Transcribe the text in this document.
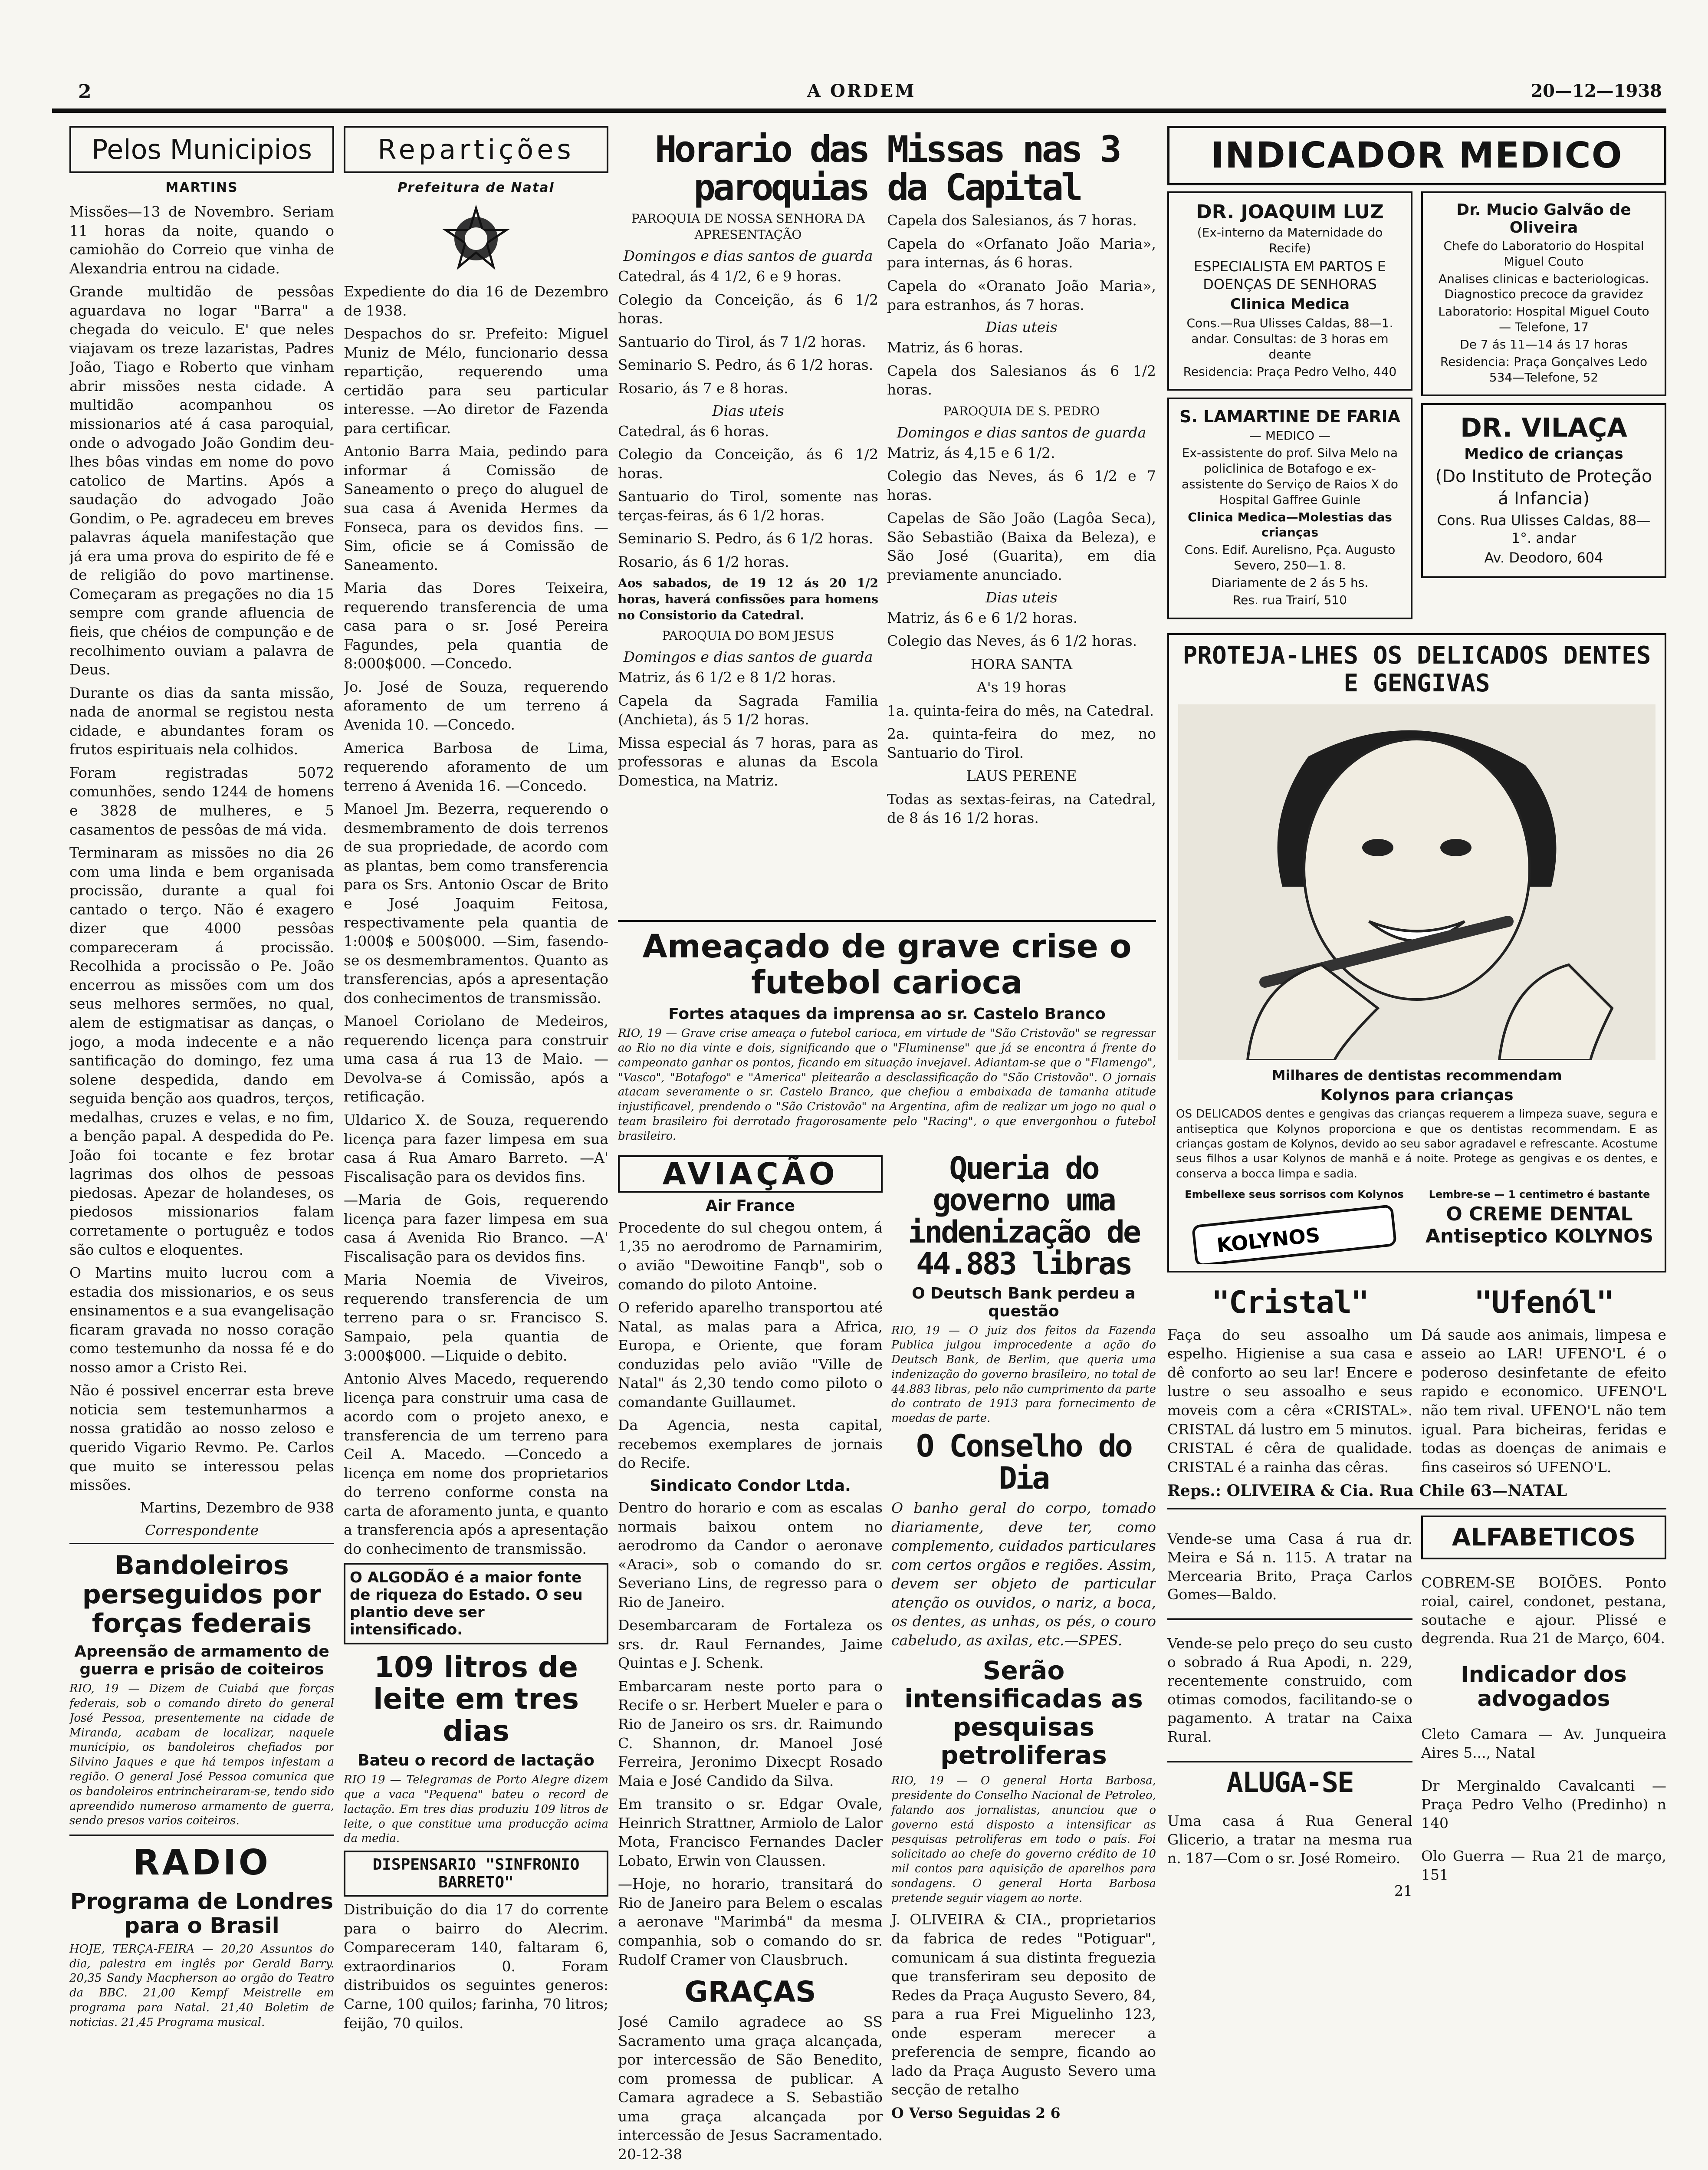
2	A ORDEM	20—12—1938
Pelos Municipios
MARTINS

Missões—13 de Novembro. Seriam 11 horas da noite, quando o camiohão do Correio que vinha de Alexandria entrou na cidade.

Grande multidão de pessôas aguardava no logar "Barra" a chegada do veiculo. E' que neles viajavam os treze lazaristas, Padres João, Tiago e Roberto que vinham abrir missões nesta cidade. A multidão acompanhou os missionarios até á casa paroquial, onde o advogado João Gondim deu-lhes bôas vindas em nome do povo catolico de Martins. Após a saudação do advogado João Gondim, o Pe. agradeceu em breves palavras áquela manifestação que já era uma prova do espirito de fé e de religião do povo martinense. Começaram as pregações no dia 15 sempre com grande afluencia de fieis, que chéios de compunção e de recolhimento ouviam a palavra de Deus.

Durante os dias da santa missão, nada de anormal se registou nesta cidade, e abundantes foram os frutos espirituais nela colhidos.

Foram registradas 5072 comunhões, sendo 1244 de homens e 3828 de mulheres, e 5 casamentos de pessôas de má vida.

Terminaram as missões no dia 26 com uma linda e bem organisada procissão, durante a qual foi cantado o terço. Não é exagero dizer que 4000 pessôas compareceram á procissão. Recolhida a procissão o Pe. João encerrou as missões com um dos seus melhores sermões, no qual, alem de estigmatisar as danças, o jogo, a moda indecente e a não santificação do domingo, fez uma solene despedida, dando em seguida benção aos quadros, terços, medalhas, cruzes e velas, e no fim, a benção papal. A despedida do Pe. João foi tocante e fez brotar lagrimas dos olhos de pessoas piedosas. Apezar de holandeses, os piedosos missionarios falam corretamente o portuguêz e todos são cultos e eloquentes.

O Martins muito lucrou com a estadia dos missionarios, e os seus ensinamentos e a sua evangelisação ficaram gravada no nosso coração como testemunho da nossa fé e do nosso amor a Cristo Rei.

Não é possivel encerrar esta breve noticia sem testemunharmos a nossa gratidão ao nosso zeloso e querido Vigario Revmo. Pe. Carlos que muito se interessou pelas missões.

Martins, Dezembro de 938
Correspondente
Bandoleiros perseguidos por forças federais
Apreensão de armamento de guerra e prisão de coiteiros

RIO, 19 — Dizem de Cuiabá que forças federais, sob o comando direto do general José Pessoa, presentemente na cidade de Miranda, acabam de localizar, naquele municipio, os bandoleiros chefiados por Silvino Jaques e que há tempos infestam a região. O general José Pessoa comunica que os bandoleiros entrincheiraram-se, tendo sido apreendido numeroso armamento de guerra, sendo presos varios coiteiros.

RADIO
Programa de Londres para o Brasil

HOJE, TERÇA-FEIRA — 20,20 Assuntos do dia, palestra em inglês por Gerald Barry. 20,35 Sandy Macpherson ao orgão do Teatro da BBC. 21,00 Kempf Meistrelle em programa para Natal. 21,40 Boletim de noticias. 21,45 Programa musical.

Repartições
Prefeitura de Natal

Expediente do dia 16 de Dezembro de 1938.

Despachos do sr. Prefeito: Miguel Muniz de Mélo, funcionario dessa repartição, requerendo uma certidão para seu particular interesse. —Ao diretor de Fazenda para certificar.

Antonio Barra Maia, pedindo para informar á Comissão de Saneamento o preço do aluguel de sua casa á Avenida Hermes da Fonseca, para os devidos fins. —Sim, oficie se á Comissão de Saneamento.

Maria das Dores Teixeira, requerendo transferencia de uma casa para o sr. José Pereira Fagundes, pela quantia de 8:000$000. —Concedo.

Jo. José de Souza, requerendo aforamento de um terreno á Avenida 10. —Concedo.

America Barbosa de Lima, requerendo aforamento de um terreno á Avenida 16. —Concedo.

Manoel Jm. Bezerra, requerendo o desmembramento de dois terrenos de sua propriedade, de acordo com as plantas, bem como transferencia para os Srs. Antonio Oscar de Brito e José Joaquim Feitosa, respectivamente pela quantia de 1:000$ e 500$000. —Sim, fasendo-se os desmembramentos. Quanto as transferencias, após a apresentação dos conhecimentos de transmissão.

Manoel Coriolano de Medeiros, requerendo licença para construir uma casa á rua 13 de Maio. —Devolva-se á Comissão, após a retificação.

Uldarico X. de Souza, requerendo licença para fazer limpesa em sua casa á Rua Amaro Barreto. —A' Fiscalisação para os devidos fins.

—Maria de Gois, requerendo licença para fazer limpesa em sua casa á Avenida Rio Branco. —A' Fiscalisação para os devidos fins.

Maria Noemia de Viveiros, requerendo transferencia de um terreno para o sr. Francisco S. Sampaio, pela quantia de 3:000$000. —Liquide o debito.

Antonio Alves Macedo, requerendo licença para construir uma casa de acordo com o projeto anexo, e transferencia de um terreno para Ceil A. Macedo. —Concedo a licença em nome dos proprietarios do terreno conforme consta na carta de aforamento junta, e quanto a transferencia após a apresentação do conhecimento de transmissão.

O ALGODÃO é a maior fonte de riqueza do Estado. O seu plantio deve ser intensificado.
109 litros de leite em tres dias
Bateu o record de lactação

RIO 19 — Telegramas de Porto Alegre dizem que a vaca "Pequena" bateu o record de lactação. Em tres dias produziu 109 litros de leite, o que constitue uma producção acima da media.

DISPENSARIO "SINFRONIO BARRETO"

Distribuição do dia 17 do corrente para o bairro do Alecrim. Compareceram 140, faltaram 6, extraordinarios 0. Foram distribuidos os seguintes generos: Carne, 100 quilos; farinha, 70 litros; feijão, 70 quilos.

Horario das Missas nas 3 paroquias da Capital

PAROQUIA DE NOSSA SENHORA DA APRESENTAÇÃO

Domingos e dias santos de guarda

Catedral, ás 4 1/2, 6 e 9 horas.

Colegio da Conceição, ás 6 1/2 horas.

Santuario do Tirol, ás 7 1/2 horas.

Seminario S. Pedro, ás 6 1/2 horas.

Rosario, ás 7 e 8 horas.

Dias uteis

Catedral, ás 6 horas.

Colegio da Conceição, ás 6 1/2 horas.

Santuario do Tirol, somente nas terças-feiras, ás 6 1/2 horas.

Seminario S. Pedro, ás 6 1/2 horas.

Rosario, ás 6 1/2 horas.

Aos sabados, de 19 12 ás 20 1/2 horas, haverá confissões para homens no Consistorio da Catedral.

PAROQUIA DO BOM JESUS

Domingos e dias santos de guarda

Matriz, ás 6 1/2 e 8 1/2 horas.

Capela da Sagrada Familia (Anchieta), ás 5 1/2 horas.

Missa especial ás 7 horas, para as professoras e alunas da Escola Domestica, na Matriz.

Capela dos Salesianos, ás 7 horas.

Capela do «Orfanato João Maria», para internas, ás 6 horas.

Capela do «Oranato João Maria», para estranhos, ás 7 horas.

Dias uteis

Matriz, ás 6 horas.

Capela dos Salesianos ás 6 1/2 horas.

PAROQUIA DE S. PEDRO

Domingos e dias santos de guarda

Matriz, ás 4,15 e 6 1/2.

Colegio das Neves, ás 6 1/2 e 7 horas.

Capelas de São João (Lagôa Seca), São Sebastião (Baixa da Beleza), e São José (Guarita), em dia previamente anunciado.

Dias uteis

Matriz, ás 6 e 6 1/2 horas.

Colegio das Neves, ás 6 1/2 horas.

HORA SANTA

A's 19 horas

1a. quinta-feira do mês, na Catedral.

2a. quinta-feira do mez, no Santuario do Tirol.

LAUS PERENE

Todas as sextas-feiras, na Catedral, de 8 ás 16 1/2 horas.

Ameaçado de grave crise o futebol carioca
Fortes ataques da imprensa ao sr. Castelo Branco

RIO, 19 — Grave crise ameaça o futebol carioca, em virtude de "São Cristovão" se regressar ao Rio no dia vinte e dois, significando que o "Fluminense" que já se encontra á frente do campeonato ganhar os pontos, ficando em situação invejavel. Adiantam-se que o "Flamengo", "Vasco", "Botafogo" e "America" pleitearão a desclassificação do "São Cristovão". O jornais atacam severamente o sr. Castelo Branco, que chefiou a embaixada de tamanha atitude injustificavel, prendendo o "São Cristovão" na Argentina, afim de realizar um jogo no qual o team brasileiro foi derrotado fragorosamente pelo "Racing", o que envergonhou o futebol brasileiro.

AVIAÇÃO
Air France

Procedente do sul chegou ontem, á 1,35 no aerodromo de Parnamirim, o avião "Dewoitine Fanqb", sob o comando do piloto Antoine.

O referido aparelho transportou até Natal, as malas para a Africa, Europa, e Oriente, que foram conduzidas pelo avião "Ville de Natal" ás 2,30 tendo como piloto o comandante Guillaumet.

Da Agencia, nesta capital, recebemos exemplares de jornais do Recife.

Sindicato Condor Ltda.

Dentro do horario e com as escalas normais baixou ontem no aerodromo da Candor o aeronave «Araci», sob o comando do sr. Severiano Lins, de regresso para o Rio de Janeiro.

Desembarcaram de Fortaleza os srs. dr. Raul Fernandes, Jaime Quintas e J. Schenk.

Embarcaram neste porto para o Recife o sr. Herbert Mueler e para o Rio de Janeiro os srs. dr. Raimundo C. Shannon, dr. Manoel José Ferreira, Jeronimo Dixecpt Rosado Maia e José Candido da Silva.

Em transito o sr. Edgar Ovale, Heinrich Strattner, Armiolo de Lalor Mota, Francisco Fernandes Dacler Lobato, Erwin von Claussen.

—Hoje, no horario, transitará do Rio de Janeiro para Belem o escalas a aeronave "Marimbá" da mesma companhia, sob o comando do sr. Rudolf Cramer von Clausbruch.

GRAÇAS

José Camilo agradece ao SS Sacramento uma graça alcançada, por intercessão de São Benedito, com promessa de publicar. A Camara agradece a S. Sebastião uma graça alcançada por intercessão de Jesus Sacramentado. 20-12-38

Queria do governo uma indenização de 44.883 libras
O Deutsch Bank perdeu a questão

RIO, 19 — O juiz dos feitos da Fazenda Publica julgou improcedente a ação do Deutsch Bank, de Berlim, que queria uma indenização do governo brasileiro, no total de 44.883 libras, pelo não cumprimento da parte do contrato de 1913 para fornecimento de moedas de parte.

O Conselho do Dia

O banho geral do corpo, tomado diariamente, deve ter, como complemento, cuidados particulares com certos orgãos e regiões. Assim, devem ser objeto de particular atenção os ouvidos, o nariz, a boca, os dentes, as unhas, os pés, o couro cabeludo, as axilas, etc.—SPES.

Serão intensificadas as pesquisas petroliferas

RIO, 19 — O general Horta Barbosa, presidente do Conselho Nacional de Petroleo, falando aos jornalistas, anunciou que o governo está disposto a intensificar as pesquisas petroliferas em todo o país. Foi solicitado ao chefe do governo crédito de 10 mil contos para aquisição de aparelhos para sondagens. O general Horta Barbosa pretende seguir viagem ao norte.

J. OLIVEIRA & CIA., proprietarios da fabrica de redes "Potiguar", comunicam á sua distinta freguezia que transferiram seu deposito de Redes da Praça Augusto Severo, 84, para a rua Frei Miguelinho 123, onde esperam merecer a preferencia de sempre, ficando ao lado da Praça Augusto Severo uma secção de retalho

O Verso Seguidas 2 6

INDICADOR MEDICO
DR. JOAQUIM LUZ
(Ex-interno da Maternidade do Recife)
ESPECIALISTA EM PARTOS E DOENÇAS DE SENHORAS
Clinica Medica
Cons.—Rua Ulisses Caldas, 88—1. andar. Consultas: de 3 horas em deante
Residencia: Praça Pedro Velho, 440
S. LAMARTINE DE FARIA
— MEDICO —
Ex-assistente do prof. Silva Melo na policlinica de Botafogo e ex-assistente do Serviço de Raios X do Hospital Gaffree Guinle
Clinica Medica—Molestias das crianças
Cons. Edif. Aurelisno, Pça. Augusto Severo, 250—1. 8.
Diariamente de 2 ás 5 hs.
Res. rua Trairí, 510
Dr. Mucio Galvão de Oliveira
Chefe do Laboratorio do Hospital Miguel Couto
Analises clinicas e bacteriologicas. Diagnostico precoce da gravidez
Laboratorio: Hospital Miguel Couto — Telefone, 17
De 7 ás 11—14 ás 17 horas
Residencia: Praça Gonçalves Ledo 534—Telefone, 52
DR. VILAÇA
Medico de crianças
(Do Instituto de Proteção á Infancia)
Cons. Rua Ulisses Caldas, 88—1°. andar
Av. Deodoro, 604
PROTEJA-LHES OS DELICADOS DENTES E GENGIVAS
Milhares de dentistas recommendam
Kolynos para crianças

OS DELICADOS dentes e gengivas das crianças requerem a limpeza suave, segura e antiseptica que Kolynos proporciona e que os dentistas recommendam. E as crianças gostam de Kolynos, devido ao seu sabor agradavel e refrescante. Acostume seus filhos a usar Kolynos de manhã e á noite. Protege as gengivas e os dentes, e conserva a bocca limpa e sadia.

Embellexe seus sorrisos com Kolynos
KOLYNOS
Lembre-se — 1 centimetro é bastante
O CREME DENTAL Antiseptico KOLYNOS
"Cristal"

Faça do seu assoalho um espelho. Higienise a sua casa e dê conforto ao seu lar! Encere e lustre o seu assoalho e seus moveis com a cêra «CRISTAL». CRISTAL dá lustro em 5 minutos. CRISTAL é cêra de qualidade. CRISTAL é a rainha das cêras.

"Ufenól"

Dá saude aos animais, limpesa e asseio ao LAR! UFENO'L é o poderoso desinfetante de efeito rapido e economico. UFENO'L não tem rival. UFENO'L não tem igual. Para bicheiras, feridas e todas as doenças de animais e fins caseiros só UFENO'L.

Reps.: OLIVEIRA & Cia. Rua Chile 63—NATAL

Vende-se uma Casa á rua dr. Meira e Sá n. 115. A tratar na Mercearia Brito, Praça Carlos Gomes—Baldo.

Vende-se pelo preço do seu custo o sobrado á Rua Apodi, n. 229, recentemente construido, com otimas comodos, facilitando-se o pagamento. A tratar na Caixa Rural.

ALUGA-SE

Uma casa á Rua General Glicerio, a tratar na mesma rua n. 187—Com o sr. José Romeiro.

21
ALFABETICOS

COBREM-SE BOIÕES. Ponto roial, cairel, condonet, pestana, soutache e ajour. Plissé e degrenda. Rua 21 de Março, 604.

Indicador dos advogados

Cleto Camara — Av. Junqueira Aires 5..., Natal

Dr Merginaldo Cavalcanti — Praça Pedro Velho (Predinho) n 140

Olo Guerra — Rua 21 de março, 151
